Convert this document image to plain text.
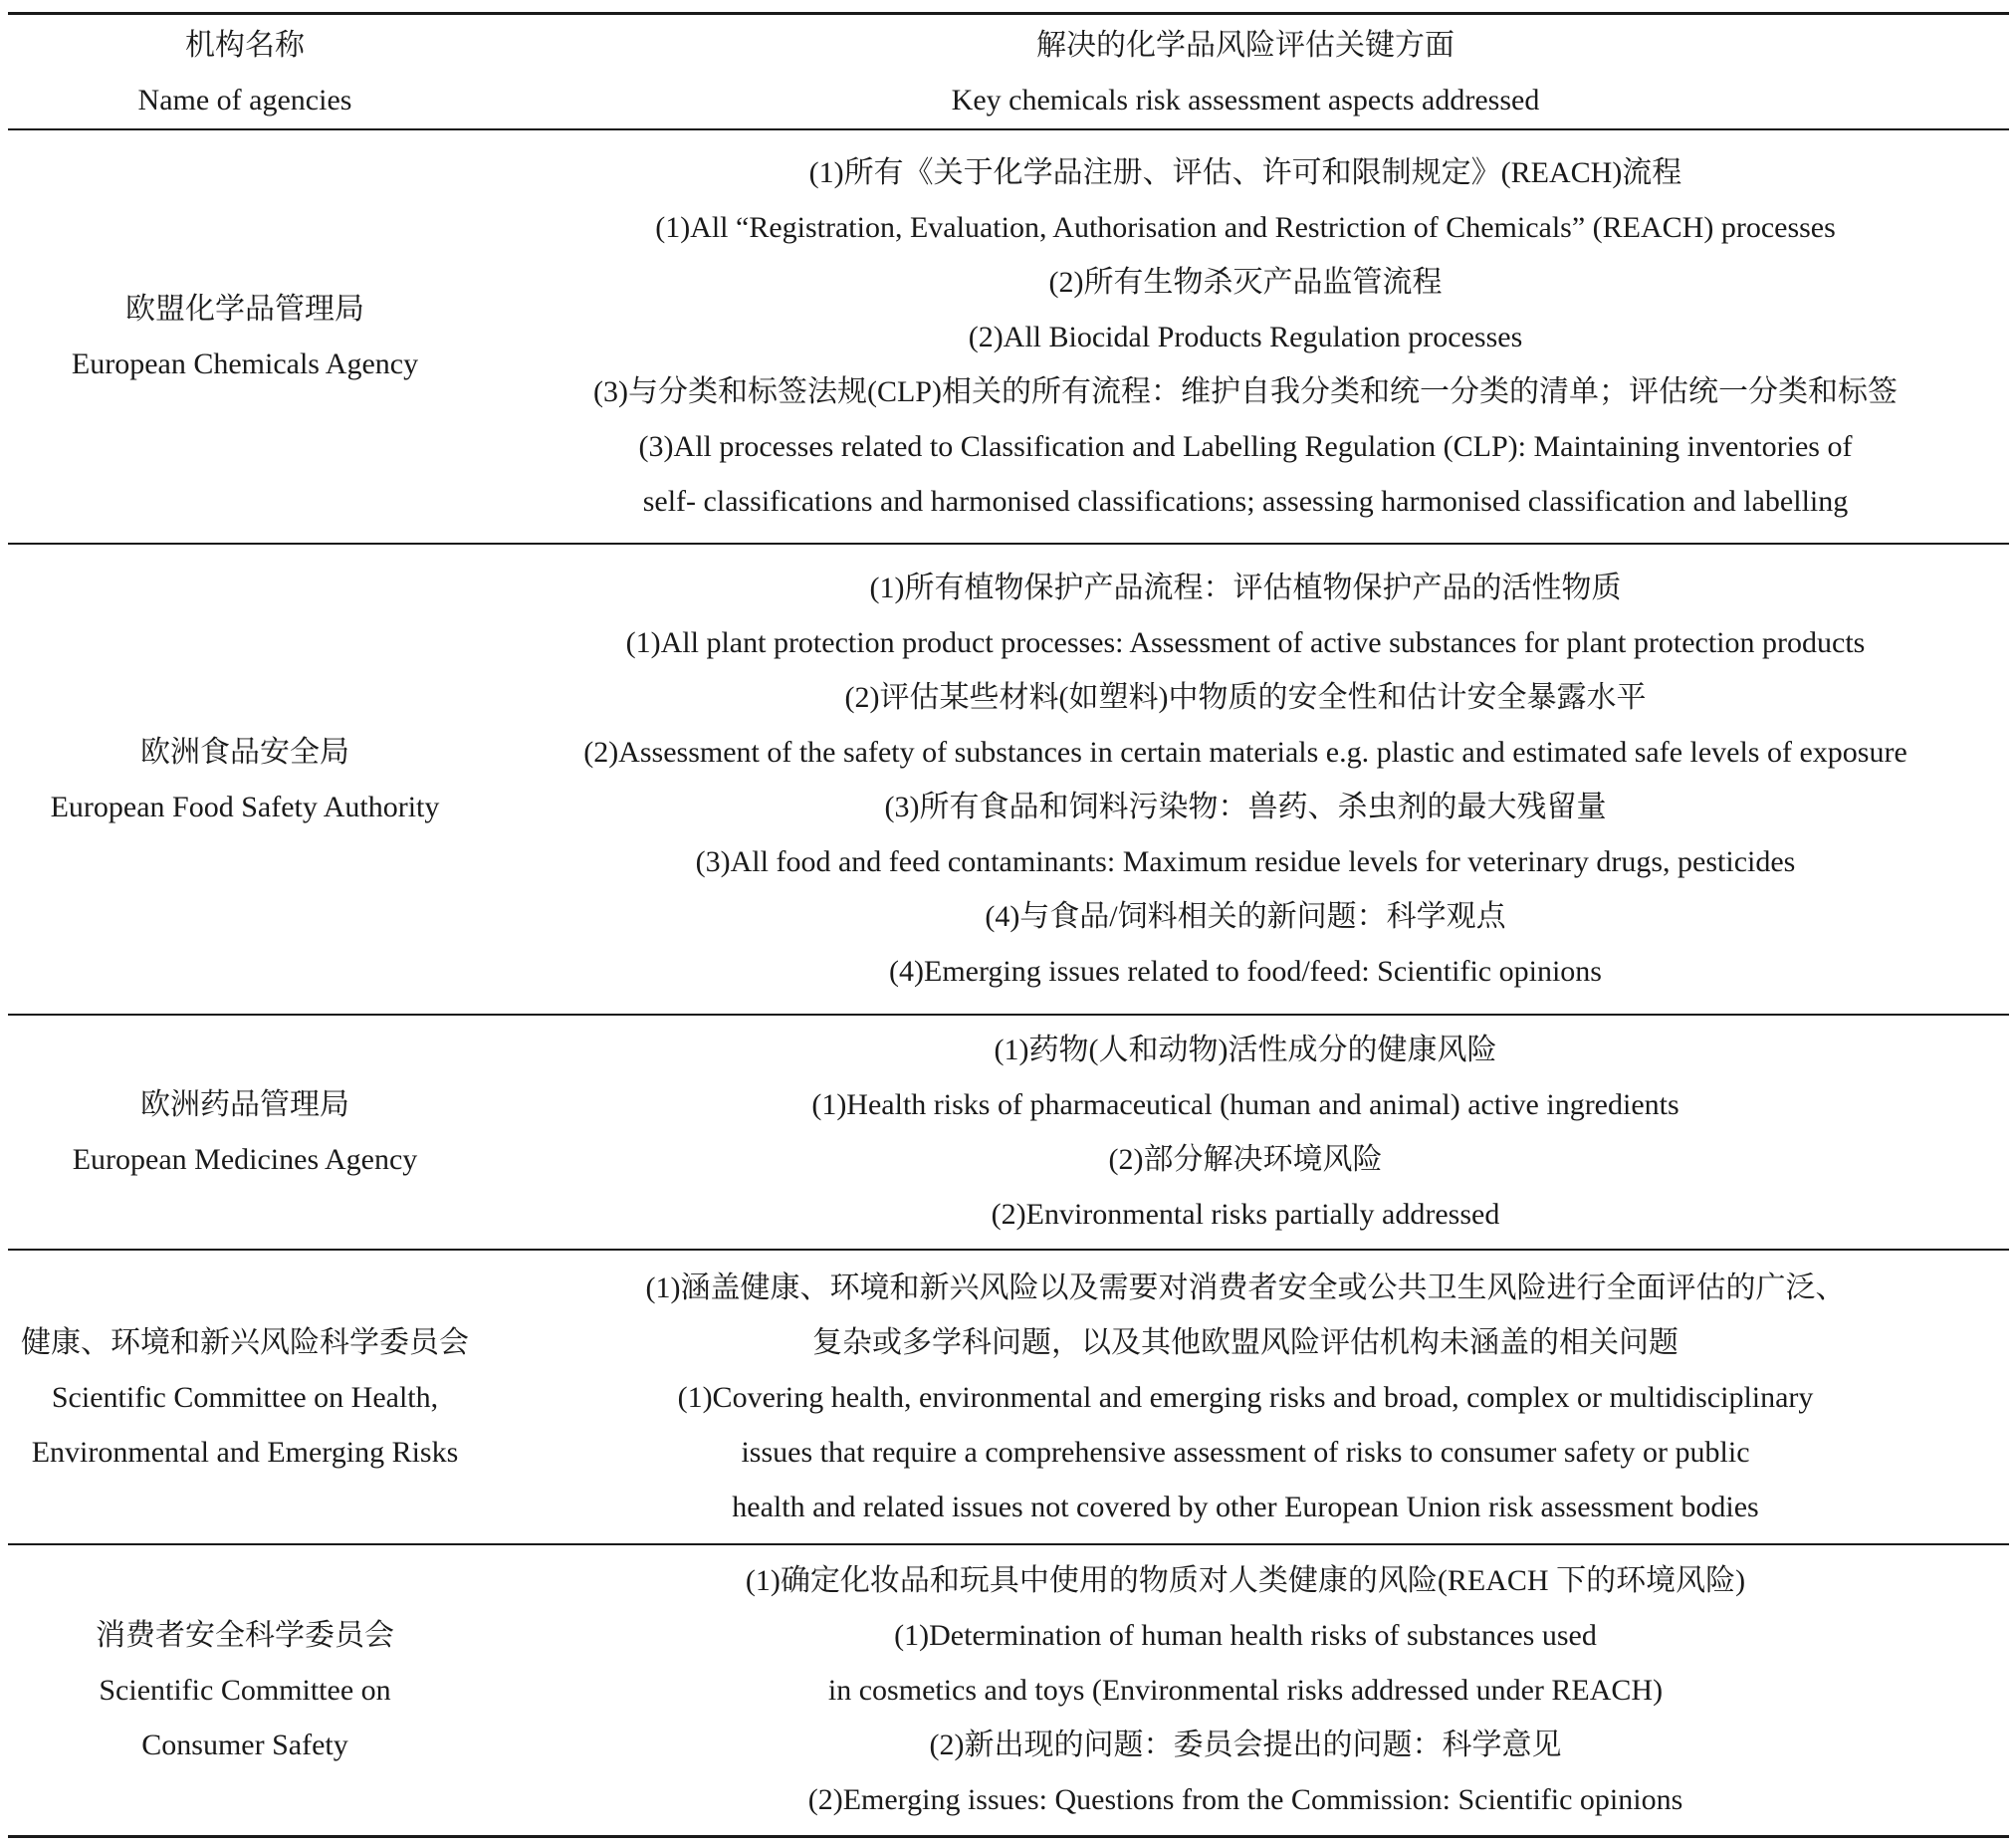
机构名称
Name of agencies
解决的化学品风险评估关键方面
Key chemicals risk assessment aspects addressed
欧盟化学品管理局
European Chemicals Agency
(1)所有《关于化学品注册、评估、许可和限制规定》(REACH)流程
(1)All “Registration, Evaluation, Authorisation and Restriction of Chemicals” (REACH) processes
(2)所有生物杀灭产品监管流程
(2)All Biocidal Products Regulation processes
(3)与分类和标签法规(CLP)相关的所有流程：维护自我分类和统一分类的清单；评估统一分类和标签
(3)All processes related to Classification and Labelling Regulation (CLP): Maintaining inventories of
self- classifications and harmonised classifications; assessing harmonised classification and labelling
欧洲食品安全局
European Food Safety Authority
(1)所有植物保护产品流程：评估植物保护产品的活性物质
(1)All plant protection product processes: Assessment of active substances for plant protection products
(2)评估某些材料(如塑料)中物质的安全性和估计安全暴露水平
(2)Assessment of the safety of substances in certain materials e.g. plastic and estimated safe levels of exposure
(3)所有食品和饲料污染物：兽药、杀虫剂的最大残留量
(3)All food and feed contaminants: Maximum residue levels for veterinary drugs, pesticides
(4)与食品/饲料相关的新问题：科学观点
(4)Emerging issues related to food/feed: Scientific opinions
欧洲药品管理局
European Medicines Agency
(1)药物(人和动物)活性成分的健康风险
(1)Health risks of pharmaceutical (human and animal) active ingredients
(2)部分解决环境风险
(2)Environmental risks partially addressed
健康、环境和新兴风险科学委员会
Scientific Committee on Health,
Environmental and Emerging Risks
(1)涵盖健康、环境和新兴风险以及需要对消费者安全或公共卫生风险进行全面评估的广泛、
复杂或多学科问题，以及其他欧盟风险评估机构未涵盖的相关问题
(1)Covering health, environmental and emerging risks and broad, complex or multidisciplinary
issues that require a comprehensive assessment of risks to consumer safety or public
health and related issues not covered by other European Union risk assessment bodies
消费者安全科学委员会
Scientific Committee on
Consumer Safety
(1)确定化妆品和玩具中使用的物质对人类健康的风险(REACH 下的环境风险)
(1)Determination of human health risks of substances used
in cosmetics and toys (Environmental risks addressed under REACH)
(2)新出现的问题：委员会提出的问题：科学意见
(2)Emerging issues: Questions from the Commission: Scientific opinions
